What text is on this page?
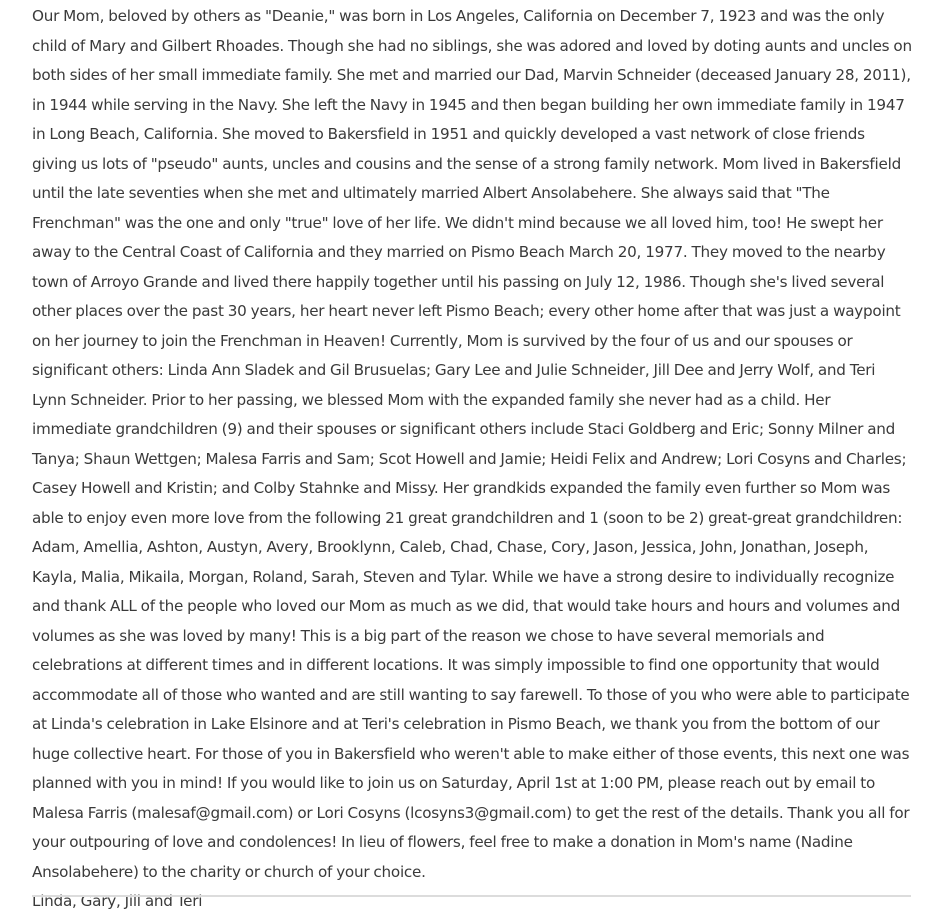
Our Mom, beloved by others as "Deanie," was born in Los Angeles, California on December 7, 1923 and was the only child of Mary and Gilbert Rhoades. Though she had no siblings, she was adored and loved by doting aunts and uncles on both sides of her small immediate family. She met and married our Dad, Marvin Schneider (deceased January 28, 2011), in 1944 while serving in the Navy. She left the Navy in 1945 and then began building her own immediate family in 1947 in Long Beach, California. She moved to Bakersfield in 1951 and quickly developed a vast network of close friends giving us lots of "pseudo" aunts, uncles and cousins and the sense of a strong family network. Mom lived in Bakersfield until the late seventies when she met and ultimately married Albert Ansolabehere. She always said that "The Frenchman" was the one and only "true" love of her life. We didn't mind because we all loved him, too! He swept her away to the Central Coast of California and they married on Pismo Beach March 20, 1977. They moved to the nearby town of Arroyo Grande and lived there happily together until his passing on July 12, 1986. Though she's lived several other places over the past 30 years, her heart never left Pismo Beach; every other home after that was just a waypoint on her journey to join the Frenchman in Heaven! Currently, Mom is survived by the four of us and our spouses or significant others: Linda Ann Sladek and Gil Brusuelas; Gary Lee and Julie Schneider, Jill Dee and Jerry Wolf, and Teri Lynn Schneider. Prior to her passing, we blessed Mom with the expanded family she never had as a child. Her immediate grandchildren (9) and their spouses or significant others include Staci Goldberg and Eric; Sonny Milner and Tanya; Shaun Wettgen; Malesa Farris and Sam; Scot Howell and Jamie; Heidi Felix and Andrew; Lori Cosyns and Charles; Casey Howell and Kristin; and Colby Stahnke and Missy. Her grandkids expanded the family even further so Mom was able to enjoy even more love from the following 21 great grandchildren and 1 (soon to be 2) great-great grandchildren: Adam, Amellia, Ashton, Austyn, Avery, Brooklynn, Caleb, Chad, Chase, Cory, Jason, Jessica, John, Jonathan, Joseph, Kayla, Malia, Mikaila, Morgan, Roland, Sarah, Steven and Tylar. While we have a strong desire to individually recognize and thank ALL of the people who loved our Mom as much as we did, that would take hours and hours and volumes and volumes as she was loved by many! This is a big part of the reason we chose to have several memorials and celebrations at different times and in different locations. It was simply impossible to find one opportunity that would accommodate all of those who wanted and are still wanting to say farewell. To those of you who were able to participate at Linda's celebration in Lake Elsinore and at Teri's celebration in Pismo Beach, we thank you from the bottom of our huge collective heart. For those of you in Bakersfield who weren't able to make either of those events, this next one was planned with you in mind! If you would like to join us on Saturday, April 1st at 1:00 PM, please reach out by email to Malesa Farris (malesaf@gmail.com) or Lori Cosyns (lcosyns3@gmail.com) to get the rest of the details. Thank you all for your outpouring of love and condolences! In lieu of flowers, feel free to make a donation in Mom's name (Nadine Ansolabehere) to the charity or church of your choice.

Linda, Gary, Jill and Teri
